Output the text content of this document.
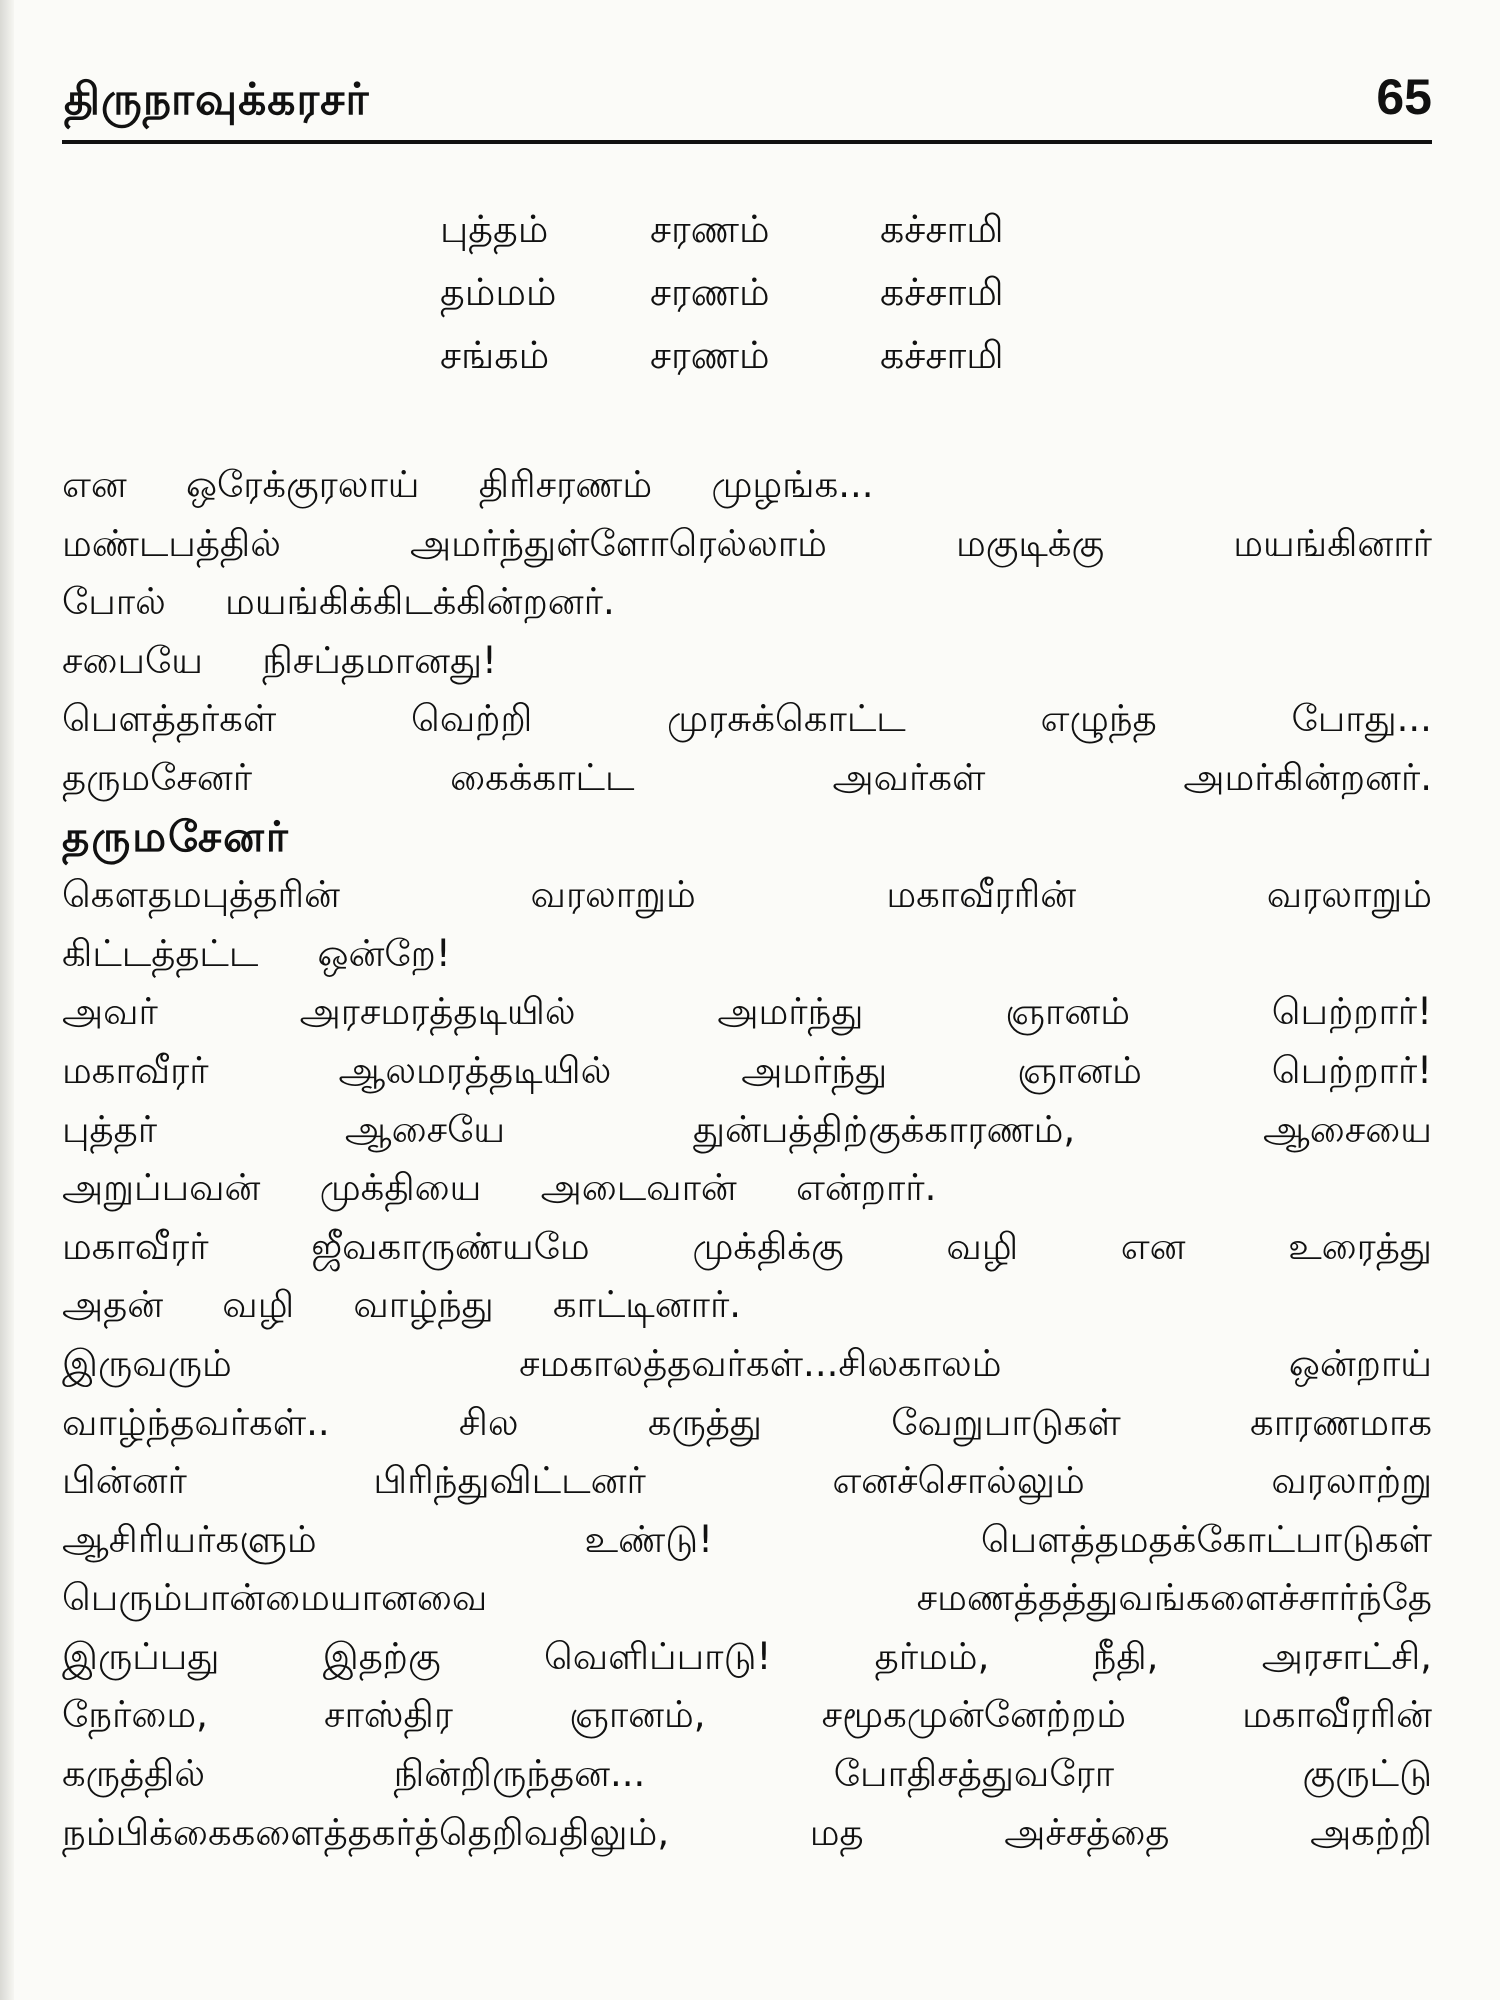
திருநாவுக்கரசர்	65
புத்தம்	சரணம்	கச்சாமி
தம்மம்	சரணம்	கச்சாமி
சங்கம்	சரணம்	கச்சாமி
என ஒரேக்குரலாய் திரிசரணம் முழங்க...
மண்டபத்தில்	அமர்ந்துள்ளோரெல்லாம்	மகுடிக்கு	மயங்கினார்
போல் மயங்கிக்கிடக்கின்றனர்.
சபையே நிசப்தமானது!
பௌத்தர்கள்	வெற்றி	முரசுக்கொட்ட	எழுந்த	போது...
தருமசேனர்	கைக்காட்ட	அவர்கள்	அமர்கின்றனர்.
தருமசேனர்
கௌதமபுத்தரின்	வரலாறும்	மகாவீரரின்	வரலாறும்
கிட்டத்தட்ட ஒன்றே!
அவர்	அரசமரத்தடியில்	அமர்ந்து	ஞானம்	பெற்றார்!
மகாவீரர்	ஆலமரத்தடியில்	அமர்ந்து	ஞானம்	பெற்றார்!
புத்தர்	ஆசையே	துன்பத்திற்குக்காரணம்,	ஆசையை
அறுப்பவன் முக்தியை அடைவான் என்றார்.
மகாவீரர்	ஜீவகாருண்யமே	முக்திக்கு	வழி	என	உரைத்து
அதன் வழி வாழ்ந்து காட்டினார்.
இருவரும்	சமகாலத்தவர்கள்...சிலகாலம்	ஒன்றாய்
வாழ்ந்தவர்கள்..	சில	கருத்து	வேறுபாடுகள்	காரணமாக
பின்னர்	பிரிந்துவிட்டனர்	எனச்சொல்லும்	வரலாற்று
ஆசிரியர்களும்	உண்டு!	பௌத்தமதக்கோட்பாடுகள்
பெரும்பான்மையானவை	சமணத்தத்துவங்களைச்சார்ந்தே
இருப்பது	இதற்கு	வெளிப்பாடு!	தர்மம்,	நீதி,	அரசாட்சி,
நேர்மை,	சாஸ்திர	ஞானம்,	சமூகமுன்னேற்றம்	மகாவீரரின்
கருத்தில்	நின்றிருந்தன...	போதிசத்துவரோ	குருட்டு
நம்பிக்கைகளைத்தகர்த்தெறிவதிலும்,	மத	அச்சத்தை	அகற்றி
